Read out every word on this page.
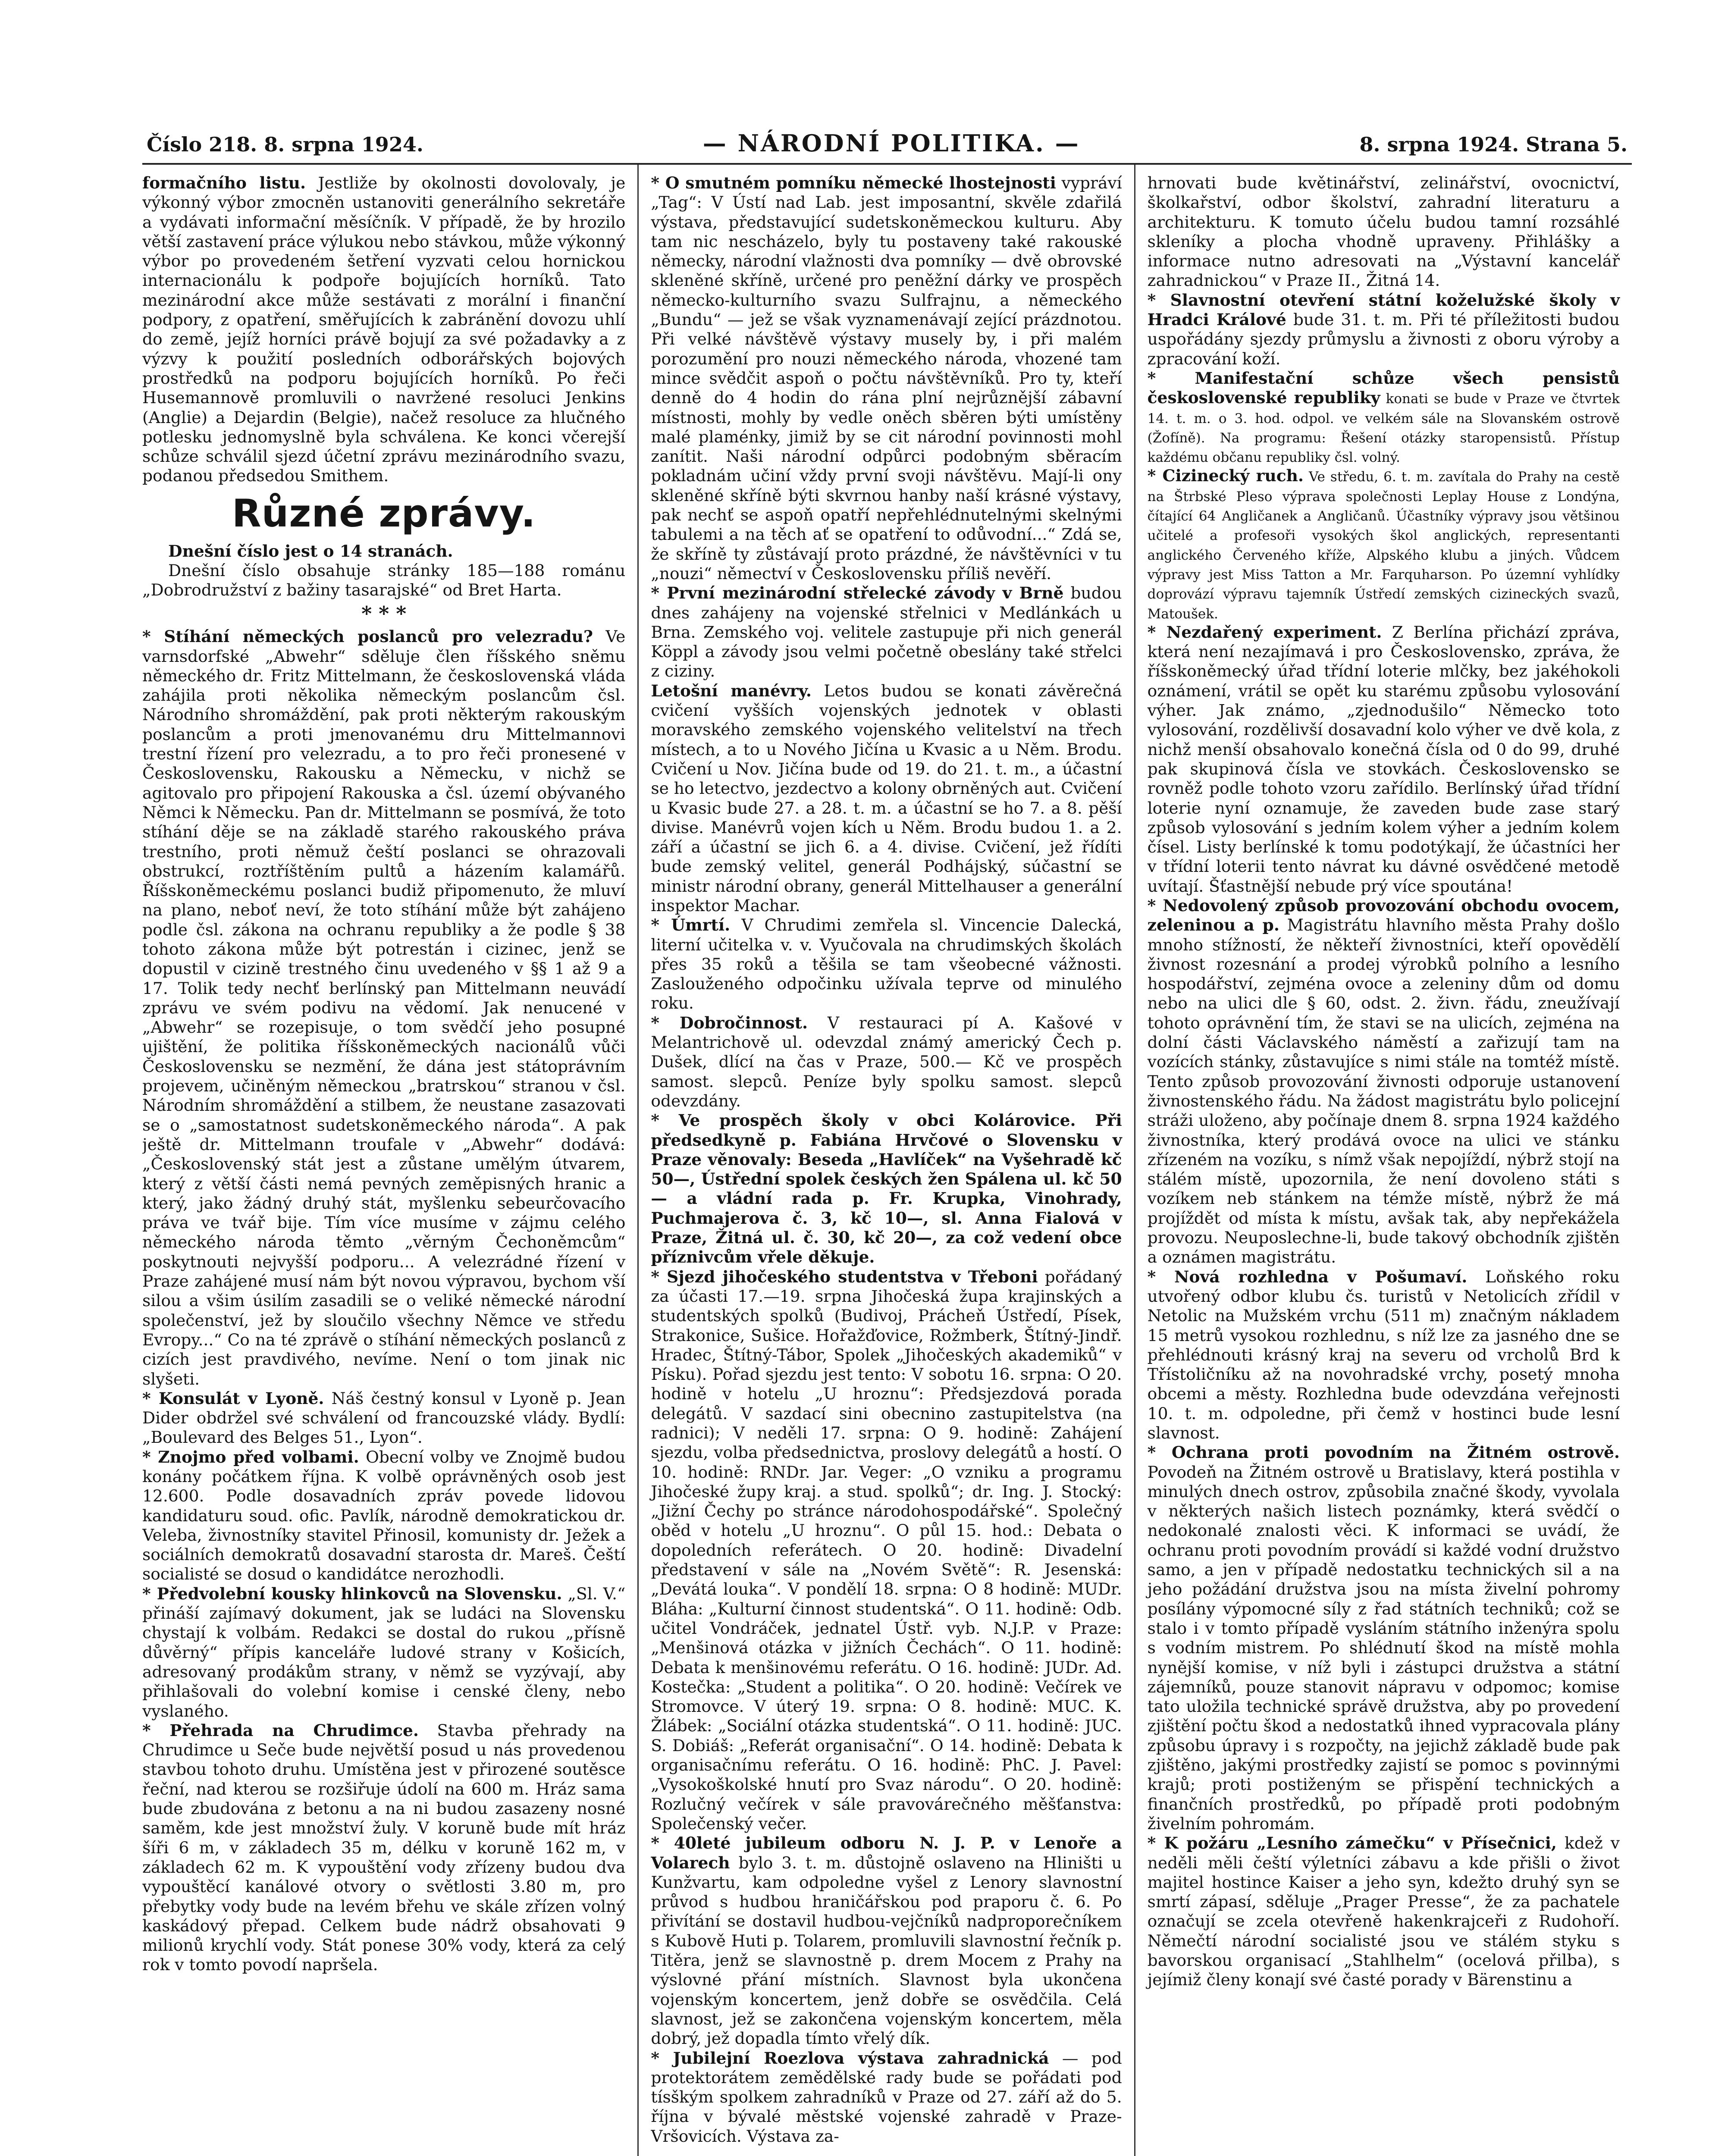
Číslo 218. 8. srpna 1924.	— NÁRODNÍ POLITIKA. —	8. srpna 1924. Strana 5.

formačního listu. Jestliže by okolnosti dovolovaly, je výkonný výbor zmocněn ustanoviti generálního sekretáře a vydávati informační měsíčník. V případě, že by hrozilo větší zastavení práce výlukou nebo stávkou, může výkonný výbor po provedeném šetření vyzvati celou hornickou internacionálu k podpoře bojujících horníků. Tato mezinárodní akce může sestávati z morální i finanční podpory, z opatření, směřujících k zabránění dovozu uhlí do země, jejíž horníci právě bojují za své požadavky a z výzvy k použití posledních odborářských bojových prostředků na podporu bojujících horníků. Po řeči Husemannově promluvili o navržené resoluci Jenkins (Anglie) a Dejardin (Belgie), načež resoluce za hlučného potlesku jednomyslně byla schválena. Ke konci včerejší schůze schválil sjezd účetní zprávu mezinárodního svazu, podanou předsedou Smithem.

Různé zprávy.

Dnešní číslo jest o 14 stranách.

Dnešní číslo obsahuje stránky 185—188 románu „Dobrodružství z bažiny tasarajské“ od Bret Harta.

* * *

* Stíhání německých poslanců pro velezradu? Ve varnsdorfské „Abwehr“ sděluje člen říšského sněmu německého dr. Fritz Mittelmann, že československá vláda zahájila proti několika německým poslancům čsl. Národního shromáždění, pak proti některým rakouským poslancům a proti jmenovanému dru Mittelmannovi trestní řízení pro velezradu, a to pro řeči pronesené v Československu, Rakousku a Německu, v nichž se agitovalo pro připojení Rakouska a čsl. území obývaného Němci k Německu. Pan dr. Mittelmann se posmívá, že toto stíhání děje se na základě starého rakouského práva trestního, proti němuž čeští poslanci se ohrazovali obstrukcí, roztříštěním pultů a házením kalamářů. Říšskoněmeckému poslanci budiž připomenuto, že mluví na plano, neboť neví, že toto stíhání může být zahájeno podle čsl. zákona na ochranu republiky a že podle § 38 tohoto zákona může být potrestán i cizinec, jenž se dopustil v cizině trestného činu uvedeného v §§ 1 až 9 a 17. Tolik tedy nechť berlínský pan Mittelmann neuvádí zprávu ve svém podivu na vědomí. Jak nenucené v „Abwehr“ se rozepisuje, o tom svědčí jeho posupné ujištění, že politika říšskoněmeckých nacionálů vůči Československu se nezmění, že dána jest státoprávním projevem, učiněným německou „bratrskou“ stranou v čsl. Národním shromáždění a stilbem, že neustane zasazovati se o „samostatnost sudetskoněmeckého národa“. A pak ještě dr. Mittelmann troufale v „Abwehr“ dodává: „Československý stát jest a zůstane umělým útvarem, který z větší části nemá pevných zeměpisných hranic a který, jako žádný druhý stát, myšlenku sebeurčovacího práva ve tvář bije. Tím více musíme v zájmu celého německého národa těmto „věrným Čechoněmcům“ poskytnouti nejvyšší podporu... A velezrádné řízení v Praze zahájené musí nám být novou výpravou, bychom vší silou a všim úsilím zasadili se o veliké německé národní společenství, jež by sloučilo všechny Němce ve středu Evropy...“ Co na té zprávě o stíhání německých poslanců z cizích jest pravdivého, nevíme. Není o tom jinak nic slyšeti.

* Konsulát v Lyoně. Náš čestný konsul v Lyoně p. Jean Dider obdržel své schválení od francouzské vlády. Bydlí: „Boulevard des Belges 51., Lyon“.

* Znojmo před volbami. Obecní volby ve Znojmě budou konány počátkem října. K volbě oprávněných osob jest 12.600. Podle dosavadních zpráv povede lidovou kandidaturu soud. ofic. Pavlík, národně demokratickou dr. Veleba, živnostníky stavitel Přinosil, komunisty dr. Ježek a sociálních demokratů dosavadní starosta dr. Mareš. Čeští socialisté se dosud o kandidátce nerozhodli.

* Předvolební kousky hlinkovců na Slovensku. „Sl. V.“ přináší zajímavý dokument, jak se ludáci na Slovensku chystají k volbám. Redakci se dostal do rukou „přísně důvěrný“ přípis kanceláře ludové strany v Košicích, adresovaný prodákům strany, v němž se vyzývají, aby přihlašovali do volební komise i censké členy, nebo vyslaného.

* Přehrada na Chrudimce. Stavba přehrady na Chrudimce u Seče bude největší posud u nás provedenou stavbou tohoto druhu. Umístěna jest v přirozené soutěsce řeční, nad kterou se rozšiřuje údolí na 600 m. Hráz sama bude zbudována z betonu a na ni budou zasazeny nosné saměm, kde jest množství žuly. V koruně bude mít hráz šíři 6 m, v základech 35 m, délku v koruně 162 m, v základech 62 m. K vypouštění vody zřízeny budou dva vypouštěcí kanálové otvory o světlosti 3.80 m, pro přebytky vody bude na levém břehu ve skále zřízen volný kaskádový přepad. Celkem bude nádrž obsahovati 9 milionů krychlí vody. Stát ponese 30% vody, která za celý rok v tomto povodí napršela.

* O smutném pomníku německé lhostejnosti vypráví „Tag“: V Ústí nad Lab. jest imposantní, skvěle zdařilá výstava, představující sudetskoněmeckou kulturu. Aby tam nic nescházelo, byly tu postaveny také rakouské německy, národní vlažnosti dva pomníky — dvě obrovské skleněné skříně, určené pro peněžní dárky ve prospěch německo-kulturního svazu Sulfrajnu, a německého „Bundu“ — jež se však vyznamenávají zející prázdnotou. Při velké návštěvě výstavy musely by, i při malém porozumění pro nouzi německého národa, vhozené tam mince svědčit aspoň o počtu návštěvníků. Pro ty, kteří denně do 4 hodin do rána plní nejrůznější zábavní místnosti, mohly by vedle oněch sběren býti umístěny malé plaménky, jimiž by se cit národní povinnosti mohl zanítit. Naši národní odpůrci podobným sběracím pokladnám učiní vždy první svoji návštěvu. Mají-li ony skleněné skříně býti skvrnou hanby naší krásné výstavy, pak nechť se aspoň opatří nepřehlédnutelnými skelnými tabulemi a na těch ať se opatření to odůvodní...“ Zdá se, že skříně ty zůstávají proto prázdné, že návštěvníci v tu „nouzi“ němectví v Československu příliš nevěří.

* První mezinárodní střelecké závody v Brně budou dnes zahájeny na vojenské střelnici v Medlánkách u Brna. Zemského voj. velitele zastupuje při nich generál Köppl a závody jsou velmi početně obeslány také střelci z ciziny.

Letošní manévry. Letos budou se konati závěrečná cvičení vyšších vojenských jednotek v oblasti moravského zemského vojenského velitelství na třech místech, a to u Nového Jičína u Kvasic a u Něm. Brodu. Cvičení u Nov. Jičína bude od 19. do 21. t. m., a účastní se ho letectvo, jezdectvo a kolony obrněných aut. Cvičení u Kvasic bude 27. a 28. t. m. a účastní se ho 7. a 8. pěší divise. Manévrů vojen kích u Něm. Brodu budou 1. a 2. září a účastní se jich 6. a 4. divise. Cvičení, jež řídíti bude zemský velitel, generál Podhájský, súčastní se ministr národní obrany, generál Mittelhauser a generální inspektor Machar.

* Úmrtí. V Chrudimi zemřela sl. Vincencie Dalecká, literní učitelka v. v. Vyučovala na chrudimských školách přes 35 roků a těšila se tam všeobecné vážnosti. Zaslouženého odpočinku užívala teprve od minulého roku.

* Dobročinnost. V restauraci pí A. Kašové v Melantrichově ul. odevzdal známý americký Čech p. Dušek, dlící na čas v Praze, 500.— Kč ve prospěch samost. slepců. Peníze byly spolku samost. slepců odevzdány.

* Ve prospěch školy v obci Kolárovice. Při předsedkyně p. Fabiána Hrvčové o Slovensku v Praze věnovaly: Beseda „Havlíček“ na Vyšehradě kč 50—, Ústřední spolek českých žen Spálena ul. kč 50— a vládní rada p. Fr. Krupka, Vinohrady, Puchmajerova č. 3, kč 10—, sl. Anna Fialová v Praze, Žitná ul. č. 30, kč 20—, za což vedení obce příznivcům vřele děkuje.

* Sjezd jihočeského studentstva v Třeboni pořádaný za účasti 17.—19. srpna Jihočeská župa krajinských a studentských spolků (Budivoj, Prácheň Ústředí, Písek, Strakonice, Sušice. Hořažďovice, Rožmberk, Štítný-Jindř. Hradec, Štítný-Tábor, Spolek „Jihočeských akademiků“ v Písku). Pořad sjezdu jest tento: V sobotu 16. srpna: O 20. hodině v hotelu „U hroznu“: Předsjezdová porada delegátů. V sazdací sini obecnino zastupitelstva (na radnici); V neděli 17. srpna: O 9. hodině: Zahájení sjezdu, volba předsednictva, proslovy delegátů a hostí. O 10. hodině: RNDr. Jar. Veger: „O vzniku a programu Jihočeské župy kraj. a stud. spolků“; dr. Ing. J. Stocký: „Jižní Čechy po stránce národohospodářské“. Společný oběd v hotelu „U hroznu“. O půl 15. hod.: Debata o dopoledních referátech. O 20. hodině: Divadelní představení v sále na „Novém Světě“: R. Jesenská: „Devátá louka“. V pondělí 18. srpna: O 8 hodině: MUDr. Bláha: „Kulturní činnost studentská“. O 11. hodině: Odb. učitel Vondráček, jednatel Ústř. vyb. N.J.P. v Praze: „Menšinová otázka v jižních Čechách“. O 11. hodině: Debata k menšinovému referátu. O 16. hodině: JUDr. Ad. Kostečka: „Student a politika“. O 20. hodině: Večírek ve Stromovce. V úterý 19. srpna: O 8. hodině: MUC. K. Žlábek: „Sociální otázka studentská“. O 11. hodině: JUC. S. Dobiáš: „Referát organisační“. O 14. hodině: Debata k organisačnímu referátu. O 16. hodině: PhC. J. Pavel: „Vysokoškolské hnutí pro Svaz národu“. O 20. hodině: Rozlučný večírek v sále pravovárečného měšťanstva: Společenský večer.

* 40leté jubileum odboru N. J. P. v Lenoře a Volarech bylo 3. t. m. důstojně oslaveno na Hliništi u Kunžvartu, kam odpoledne vyšel z Lenory slavnostní průvod s hudbou hraničářskou pod praporu č. 6. Po přivítání se dostavil hudbou-vejčníků nadproporečníkem s Kubově Huti p. Tolarem, promluvili slavnostní řečník p. Titěra, jenž se slavnostně p. drem Mocem z Prahy na výslovné přání místních. Slavnost byla ukončena vojenským koncertem, jenž dobře se osvědčila. Celá slavnost, jež se zakončena vojenským koncertem, měla dobrý, jež dopadla tímto vřelý dík.

* Jubilejní Roezlova výstava zahradnická — pod protektorátem zemědělské rady bude se pořádati pod tísškým spolkem zahradníků v Praze od 27. září až do 5. října v bývalé městské vojenské zahradě v Praze-Vršovicích. Výstava za-

hrnovati bude květinářství, zelinářství, ovocnictví, školkařství, odbor školství, zahradní literaturu a architekturu. K tomuto účelu budou tamní rozsáhlé skleníky a plocha vhodně upraveny. Přihlášky a informace nutno adresovati na „Výstavní kancelář zahradnickou“ v Praze II., Žitná 14.

* Slavnostní otevření státní koželužské školy v Hradci Králové bude 31. t. m. Při té příležitosti budou uspořádány sjezdy průmyslu a živnosti z oboru výroby a zpracování koží.

* Manifestační schůze všech pensistů československé republiky konati se bude v Praze ve čtvrtek 14. t. m. o 3. hod. odpol. ve velkém sále na Slovanském ostrově (Žofíně). Na programu: Řešení otázky staropensistů. Přístup každému občanu republiky čsl. volný.

* Cizinecký ruch. Ve středu, 6. t. m. zavítala do Prahy na cestě na Štrbské Pleso výprava společnosti Leplay House z Londýna, čítající 64 Angličanek a Angličanů. Účastníky výpravy jsou většinou učitelé a profesoři vysokých škol anglických, representanti anglického Červeného kříže, Alpského klubu a jiných. Vůdcem výpravy jest Miss Tatton a Mr. Farquharson. Po územní vyhlídky doprovází výpravu tajemník Ústředí zemských cizineckých svazů, Matoušek.

* Nezdařený experiment. Z Berlína přichází zpráva, která není nezajímavá i pro Československo, zpráva, že říšskoněmecký úřad třídní loterie mlčky, bez jakéhokoli oznámení, vrátil se opět ku starému způsobu vylosování výher. Jak známo, „zjednodušilo“ Německo toto vylosování, rozdělivší dosavadní kolo výher ve dvě kola, z nichž menší obsahovalo konečná čísla od 0 do 99, druhé pak skupinová čísla ve stovkách. Československo se rovněž podle tohoto vzoru zařídilo. Berlínský úřad třídní loterie nyní oznamuje, že zaveden bude zase starý způsob vylosování s jedním kolem výher a jedním kolem čísel. Listy berlínské k tomu podotýkají, že účastníci her v třídní loterii tento návrat ku dávné osvědčené metodě uvítají. Šťastnější nebude prý více spoutána!

* Nedovolený způsob provozování obchodu ovocem, zeleninou a p. Magistrátu hlavního města Prahy došlo mnoho stížností, že někteří živnostníci, kteří opovědělí živnost rozesnání a prodej výrobků polního a lesního hospodářství, zejména ovoce a zeleniny dům od domu nebo na ulici dle § 60, odst. 2. živn. řádu, zneužívají tohoto oprávnění tím, že stavi se na ulicích, zejména na dolní části Václavského náměstí a zařizují tam na vozících stánky, zůstavujíce s nimi stále na tomtéž místě. Tento způsob provozování živnosti odporuje ustanovení živnostenského řádu. Na žádost magistrátu bylo policejní stráži uloženo, aby počínaje dnem 8. srpna 1924 každého živnostníka, který prodává ovoce na ulici ve stánku zřízeném na vozíku, s nímž však nepojíždí, nýbrž stojí na stálém místě, upozornila, že není dovoleno státi s vozíkem neb stánkem na témže místě, nýbrž že má projíždět od místa k místu, avšak tak, aby nepřekážela provozu. Neuposlechne-li, bude takový obchodník zjištěn a oznámen magistrátu.

* Nová rozhledna v Pošumaví. Loňského roku utvořený odbor klubu čs. turistů v Netolicích zřídil v Netolic na Mužském vrchu (511 m) značným nákladem 15 metrů vysokou rozhlednu, s níž lze za jasného dne se přehlédnouti krásný kraj na severu od vrcholů Brd k Třístoličníku až na novohradské vrchy, posetý mnoha obcemi a městy. Rozhledna bude odevzdána veřejnosti 10. t. m. odpoledne, při čemž v hostinci bude lesní slavnost.

* Ochrana proti povodním na Žitném ostrově. Povodeň na Žitném ostrově u Bratislavy, která postihla v minulých dnech ostrov, způsobila značné škody, vyvolala v některých našich listech poznámky, která svědčí o nedokonalé znalosti věci. K informaci se uvádí, že ochranu proti povodním provádí si každé vodní družstvo samo, a jen v případě nedostatku technických sil a na jeho požádání družstva jsou na místa živelní pohromy posílány výpomocné síly z řad státních techniků; což se stalo i v tomto případě vysláním státního inženýra spolu s vodním mistrem. Po shlédnutí škod na místě mohla nynější komise, v níž byli i zástupci družstva a státní zájemníků, pouze stanovit nápravu v odpomoc; komise tato uložila technické správě družstva, aby po provedení zjištění počtu škod a nedostatků ihned vypracovala plány způsobu úpravy i s rozpočty, na jejichž základě bude pak zjištěno, jakými prostředky zajistí se pomoc s povinnými krajů; proti postiženým se přispění technických a finančních prostředků, po případě proti podobným živelním pohromám.

* K požáru „Lesního zámečku“ v Přísečnici, kdež v neděli měli čeští výletníci zábavu a kde přišli o život majitel hostince Kaiser a jeho syn, kdežto druhý syn se smrtí zápasí, sděluje „Prager Presse“, že za pachatele označují se zcela otevřeně hakenkrajceři z Rudohoří. Němečtí národní socialisté jsou ve stálém styku s bavorskou organisací „Stahlhelm“ (ocelová přilba), s jejímiž členy konají své časté porady v Bärenstinu a
